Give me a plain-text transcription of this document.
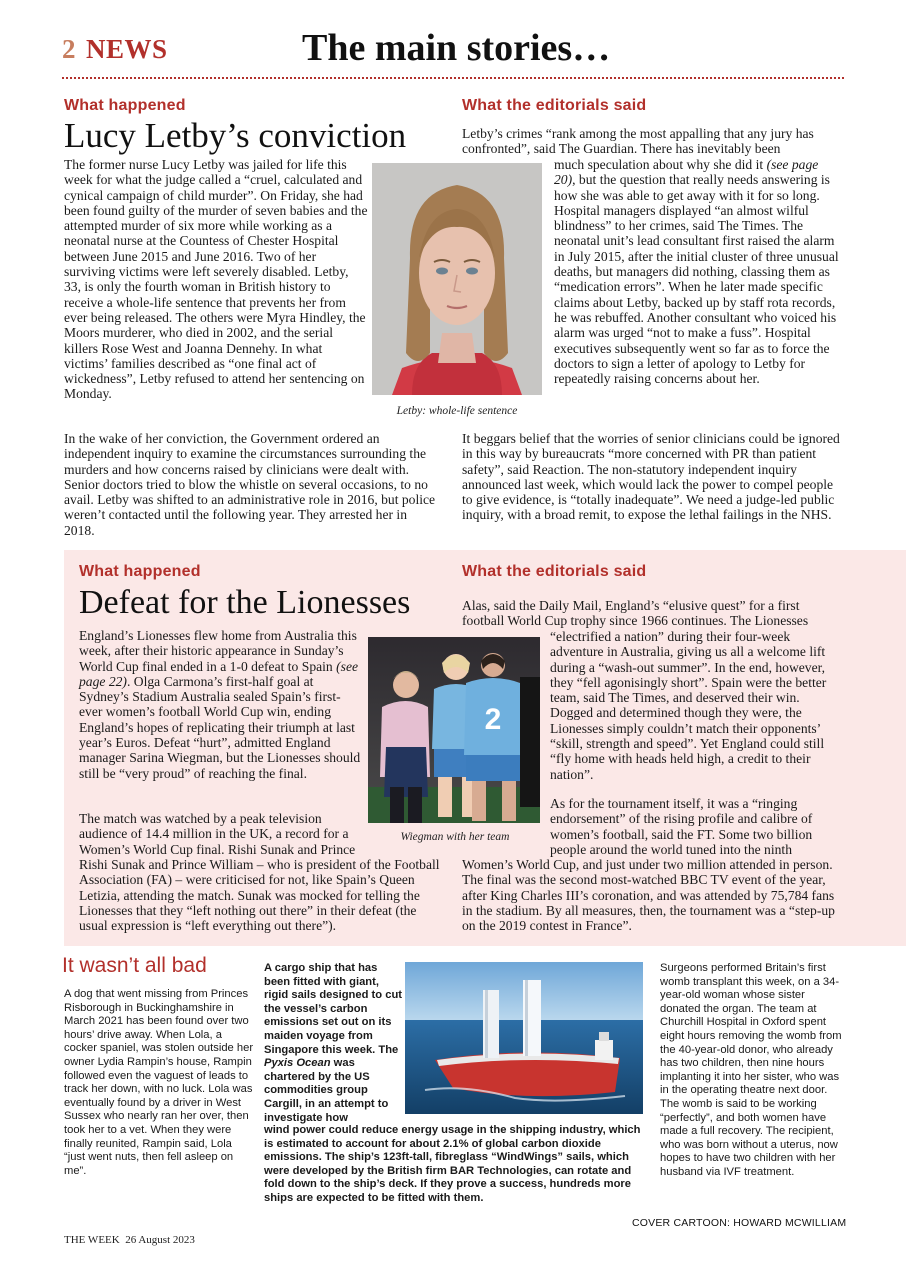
2 NEWS	The main stories…
What happened
Lucy Letby’s conviction

The former nurse Lucy Letby was jailed for life this week for what the judge called a “cruel, calculated and cynical campaign of child murder”. On Friday, she had been found guilty of the murder of seven babies and the attempted murder of six more while working as a neonatal nurse at the Countess of Chester Hospital between June 2015 and June 2016. Two of her surviving victims were left severely disabled. Letby, 33, is only the fourth woman in British history to receive a whole-life sentence that prevents her from ever being released. The others were Myra Hindley, the Moors murderer, who died in 2002, and the serial killers Rose West and Joanna Dennehy. In what victims’ families described as “one final act of wickedness”, Letby refused to attend her sentencing on Monday.

Letby: whole-life sentence

In the wake of her conviction, the Government ordered an independent inquiry to examine the circumstances surrounding the murders and how concerns raised by clinicians were dealt with. Senior doctors tried to blow the whistle on several occasions, to no avail. Letby was shifted to an administrative role in 2016, but police weren’t contacted until the following year. They arrested her in 2018.

What the editorials said

Letby’s crimes “rank among the most appalling that any jury has confronted”, said The Guardian. There has inevitably been

much speculation about why she did it (see page 20), but the question that really needs answering is how she was able to get away with it for so long. Hospital managers displayed “an almost wilful blindness” to her crimes, said The Times. The neonatal unit’s lead consultant first raised the alarm in July 2015, after the initial cluster of three unusual deaths, but managers did nothing, classing them as “medication errors”. When he later made specific claims about Letby, backed up by staff rota records, he was rebuffed. Another consultant who voiced his alarm was urged “not to make a fuss”. Hospital executives subsequently went so far as to force the doctors to sign a letter of apology to Letby for repeatedly raising concerns about her.

It beggars belief that the worries of senior clinicians could be ignored in this way by bureaucrats “more concerned with PR than patient safety”, said Reaction. The non-statutory independent inquiry announced last week, which would lack the power to compel people to give evidence, is “totally inadequate”. We need a judge-led public inquiry, with a broad remit, to expose the lethal failings in the NHS.

What happened
Defeat for the Lionesses

England’s Lionesses flew home from Australia this week, after their historic appearance in Sunday’s World Cup final ended in a 1-0 defeat to Spain (see page 22). Olga Carmona’s first-half goal at Sydney’s Stadium Australia sealed Spain’s first-ever women’s football World Cup win, ending England’s hopes of replicating their triumph at last year’s Euros. Defeat “hurt”, admitted England manager Sarina Wiegman, but the Lionesses should still be “very proud” of reaching the final.

The match was watched by a peak television audience of 14.4 million in the UK, a record for a Women’s World Cup final. Rishi Sunak and Prince

2
Wiegman with her team

Rishi Sunak and Prince William – who is president of the Football Association (FA) – were criticised for not, like Spain’s Queen Letizia, attending the match. Sunak was mocked for telling the Lionesses that they “left nothing out there” in their defeat (the usual expression is “left everything out there”).

What the editorials said

Alas, said the Daily Mail, England’s “elusive quest” for a first football World Cup trophy since 1966 continues. The Lionesses

“electrified a nation” during their four-week adventure in Australia, giving us all a welcome lift during a “wash-out summer”. In the end, however, they “fell agonisingly short”. Spain were the better team, said The Times, and deserved their win. Dogged and determined though they were, the Lionesses simply couldn’t match their opponents’ “skill, strength and speed”. Yet England could still “fly home with heads held high, a credit to their nation”.

As for the tournament itself, it was a “ringing endorsement” of the rising profile and calibre of women’s football, said the FT. Some two billion people around the world tuned into the ninth

Women’s World Cup, and just under two million attended in person. The final was the second most-watched BBC TV event of the year, after King Charles III’s coronation, and was attended by 75,784 fans in the stadium. By all measures, then, the tournament was a “step-up on the 2019 contest in France”.

It wasn’t all bad
A dog that went missing from Princes Risborough in Buckinghamshire in March 2021 has been found over two hours’ drive away. When Lola, a cocker spaniel, was stolen outside her owner Lydia Rampin’s house, Rampin followed even the vaguest of leads to track her down, with no luck. Lola was eventually found by a driver in West Sussex who nearly ran her over, then took her to a vet. When they were finally reunited, Rampin said, Lola “just went nuts, then fell asleep on me”.
A cargo ship that has been fitted with giant, rigid sails designed to cut the vessel’s carbon emissions set out on its maiden voyage from Singapore this week. The Pyxis Ocean was chartered by the US commodities group Cargill, in an attempt to investigate how
wind power could reduce energy usage in the shipping industry, which is estimated to account for about 2.1% of global carbon dioxide emissions. The ship’s 123ft-tall, fibreglass “WindWings” sails, which were developed by the British firm BAR Technologies, can rotate and fold down to the ship’s deck. If they prove a success, hundreds more ships are expected to be fitted with them.
Surgeons performed Britain’s first womb transplant this week, on a 34-year-old woman whose sister donated the organ. The team at Churchill Hospital in Oxford spent eight hours removing the womb from the 40-year-old donor, who already has two children, then nine hours implanting it into her sister, who was in the operating theatre next door. The womb is said to be working “perfectly”, and both women have made a full recovery. The recipient, who was born without a uterus, now hopes to have two children with her husband via IVF treatment.
COVER CARTOON: HOWARD MCWILLIAM
THE WEEK 26 August 2023
